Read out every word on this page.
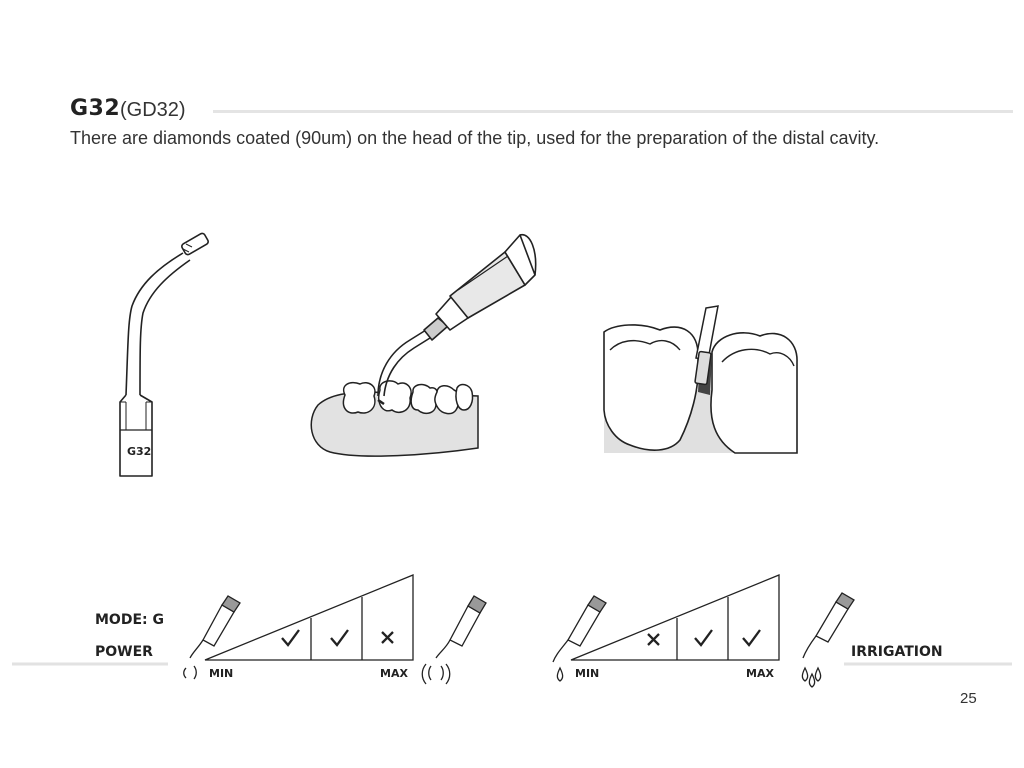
G32 (GD32)
There are diamonds coated (90um) on the head of the tip, used for the preparation of the distal cavity.
G32
MIN	MAX	MIN	MAX
MODE: G
POWER	IRRIGATION
25
